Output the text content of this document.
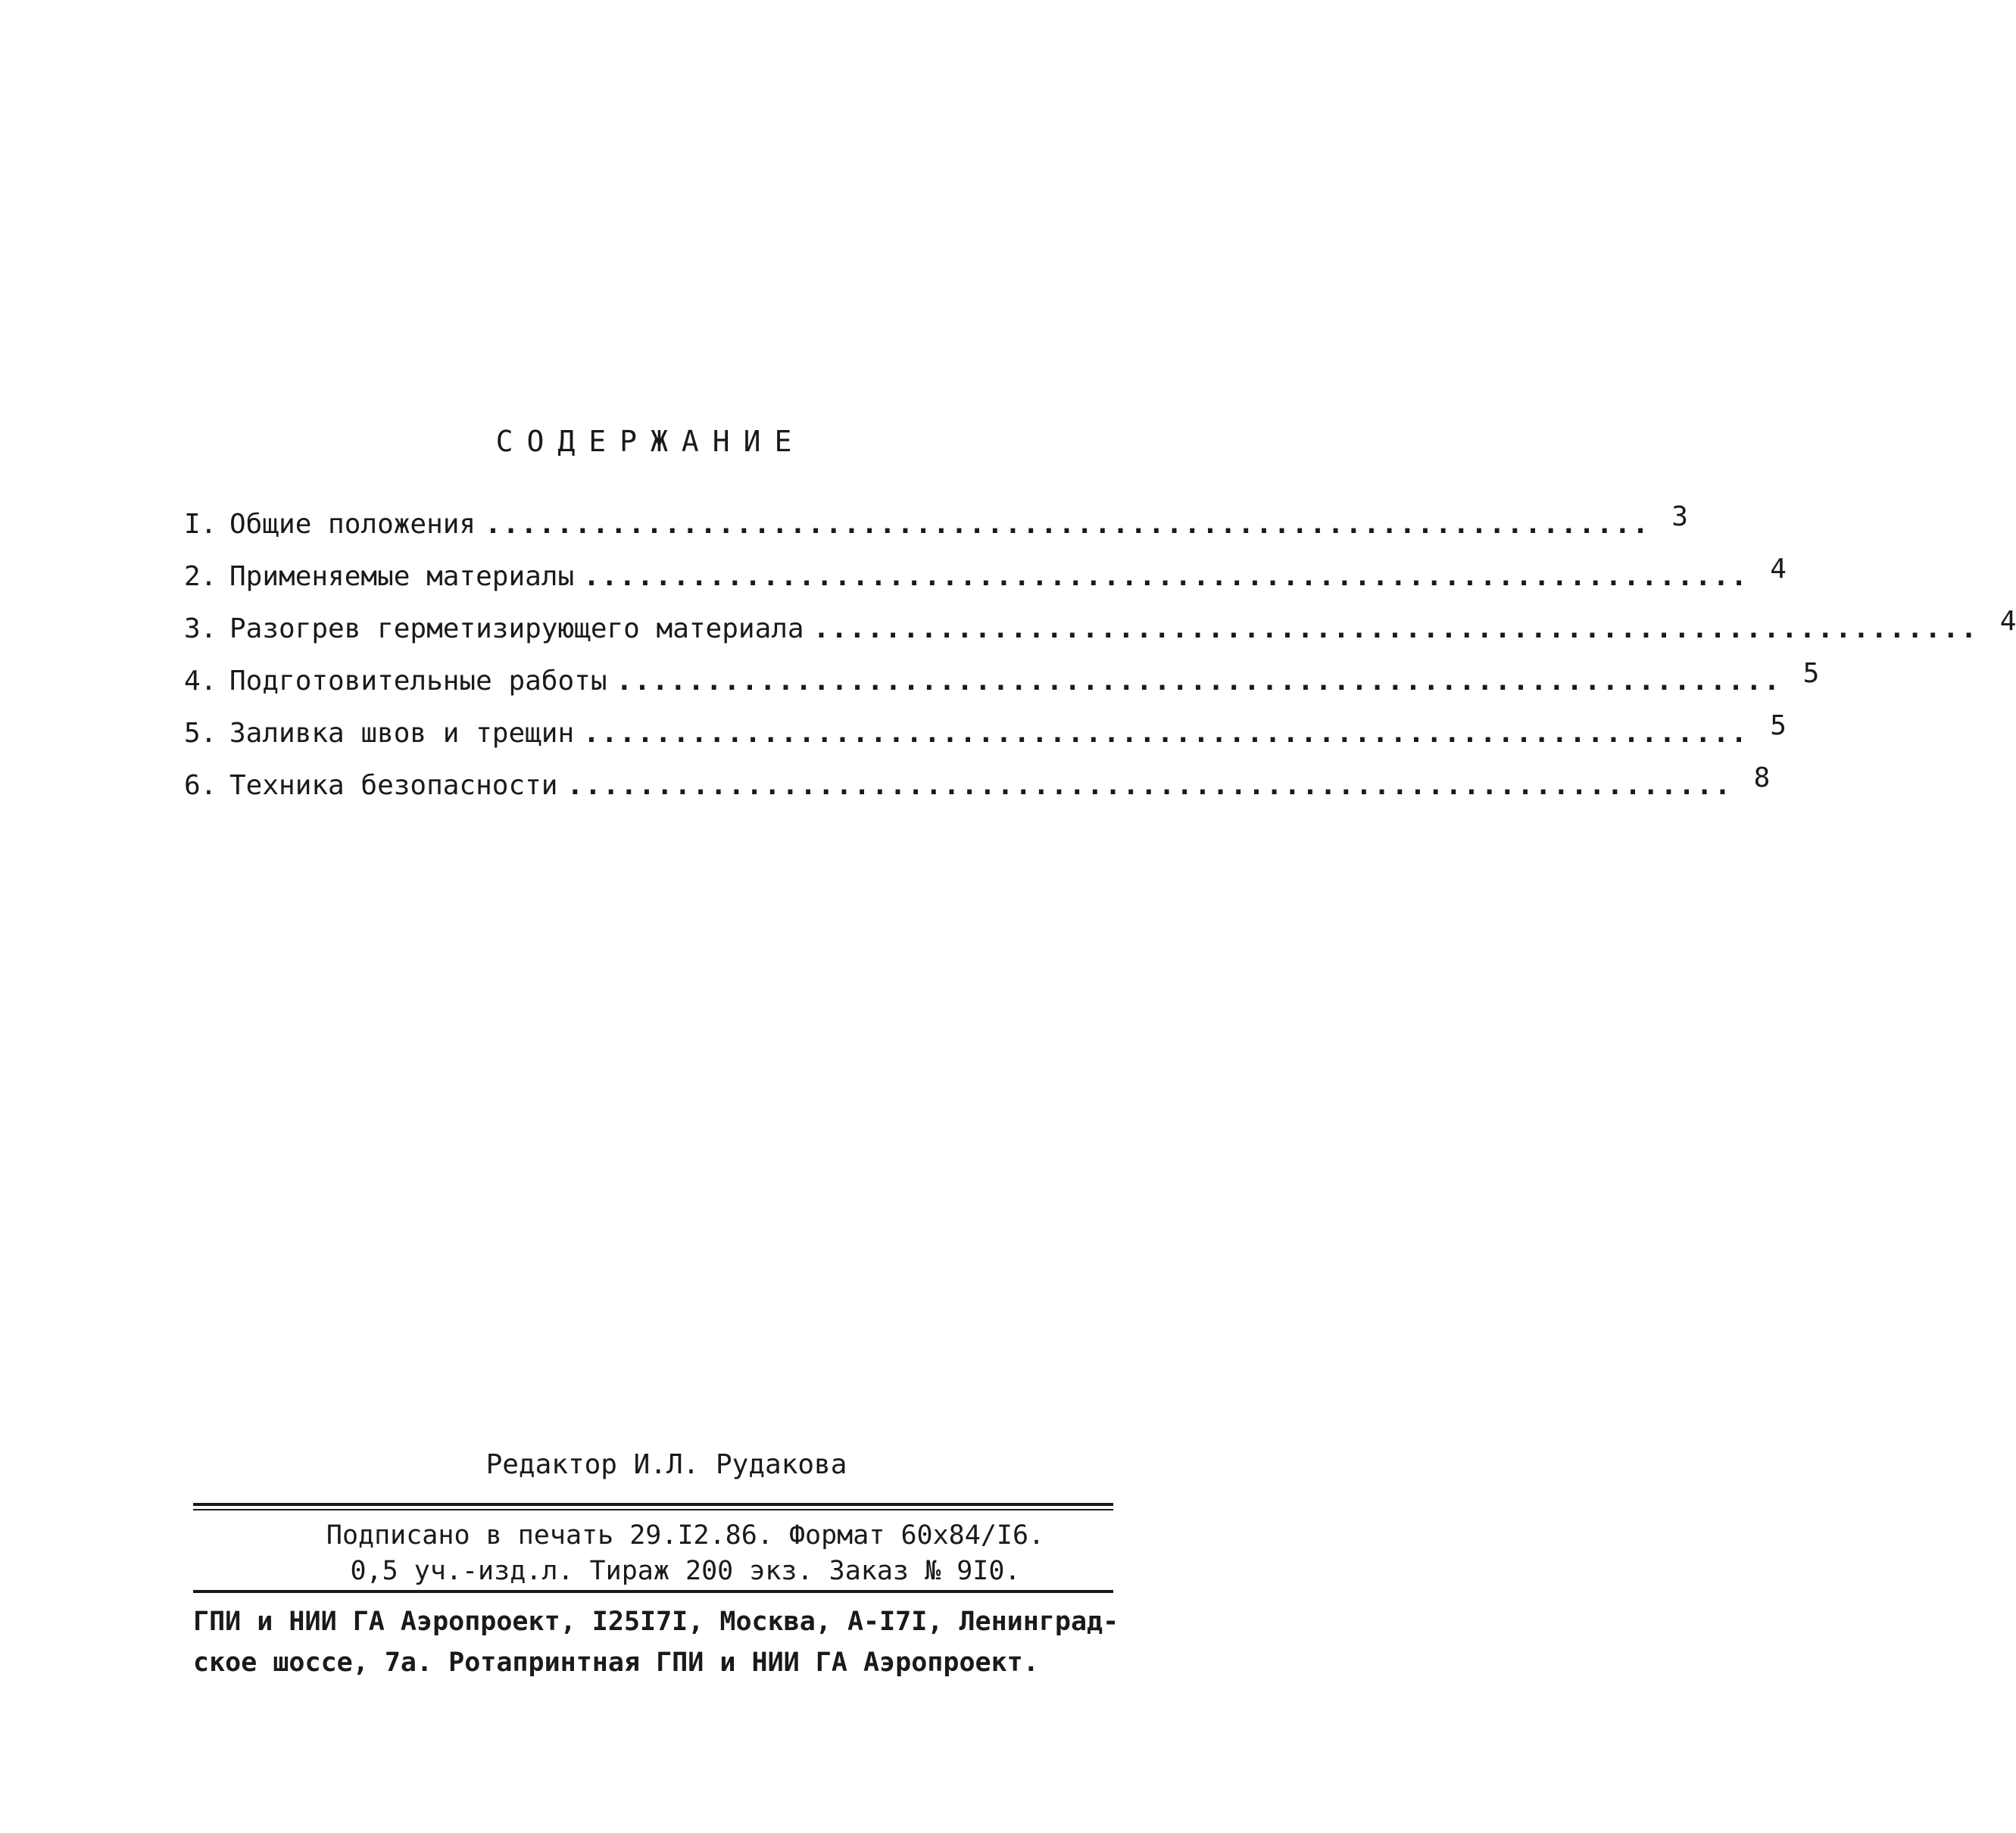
СОДЕРЖАНИЕ
I. Общие положения ................................................................. 3
2. Применяемые материалы ................................................................. 4
3. Разогрев герметизирующего материала ................................................................. 4
4. Подготовительные работы ................................................................. 5
5. Заливка швов и трещин ................................................................. 5
6. Техника безопасности ................................................................. 8
Редактор И.Л. Рудакова
Подписано в печать 29.I2.86. Формат 60х84/I6.
0,5 уч.-изд.л. Тираж 200 экз. Заказ № 9I0.
ГПИ и НИИ ГА Аэропроект, I25I7I, Москва, А-I7I, Ленинград-
ское шоссе, 7а. Ротапринтная ГПИ и НИИ ГА Аэропроект.
